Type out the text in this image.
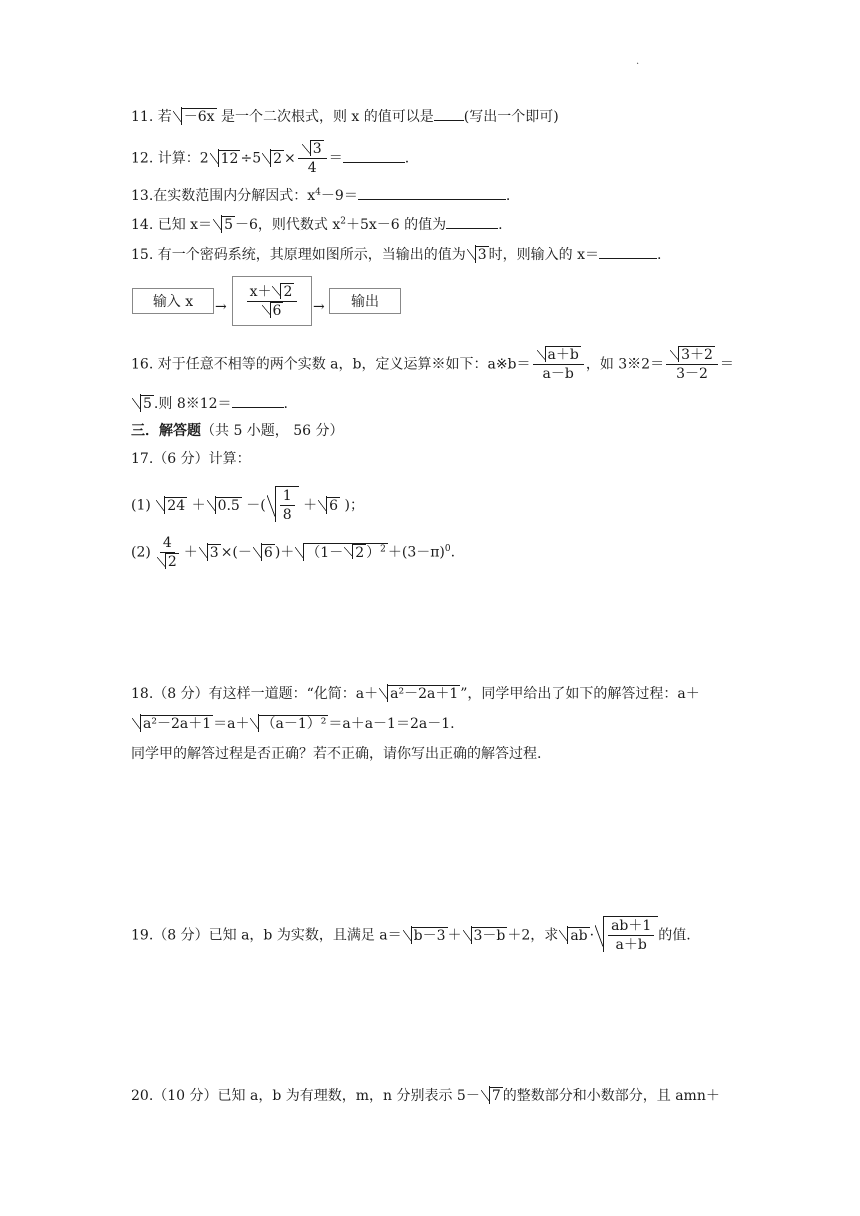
.
11. 若 －6x 是一个二次根式，则 x 的值可以是 (写出一个即可)
12. 计算：2 12 ÷5 $2 \times \frac{3}{4}$ ＝	.
13.在实数范围内分解因式：$x^4-9=$	.
14. 已知 x＝ 5 －6，则代数式 $x^2+5x-6$ 的值为	.
15. 有一个密码系统，其原理如图所示，当输出的值为 3 时，则输入的 x＝	.
输入 $x \to \frac{x+ 2}{6}$ → 输出
16. 对于任意不相等的两个实数 a，b，定义运算※如下：a※b＝ $\frac{a+b}{a-b}$ ，如 3※2＝ $\frac{3+2}{3-2}$ ＝
5 .则 8※12＝	.
三．解答题（共 5 小题， 56 分）
17.（6 分）计算：
(1) 24 ＋ 0.5 －( $\frac{1}{8} + 6$ )；
$(2) \frac{4}{2} + 3$ ×(－ 6 )＋ （1－ 2 ）$^2 +(3-\pi)^0$.
18.（8 分）有这样一道题：“化简：a＋ a²－2a＋1 ”，同学甲给出了如下的解答过程：a＋
a²－2a＋1 ＝a＋ （a－1）² ＝a＋a－1＝2a－1.
同学甲的解答过程是否正确？若不正确，请你写出正确的解答过程.
19.（8 分）已知 a，b 为实数，且满足 a＝ b－3 ＋ 3－b ＋2，求 ab · $\frac{ab+1}{a+b}$ 的值.
20.（10 分）已知 a，b 为有理数，m，n 分别表示 5－ 7 的整数部分和小数部分，且 amn＋
